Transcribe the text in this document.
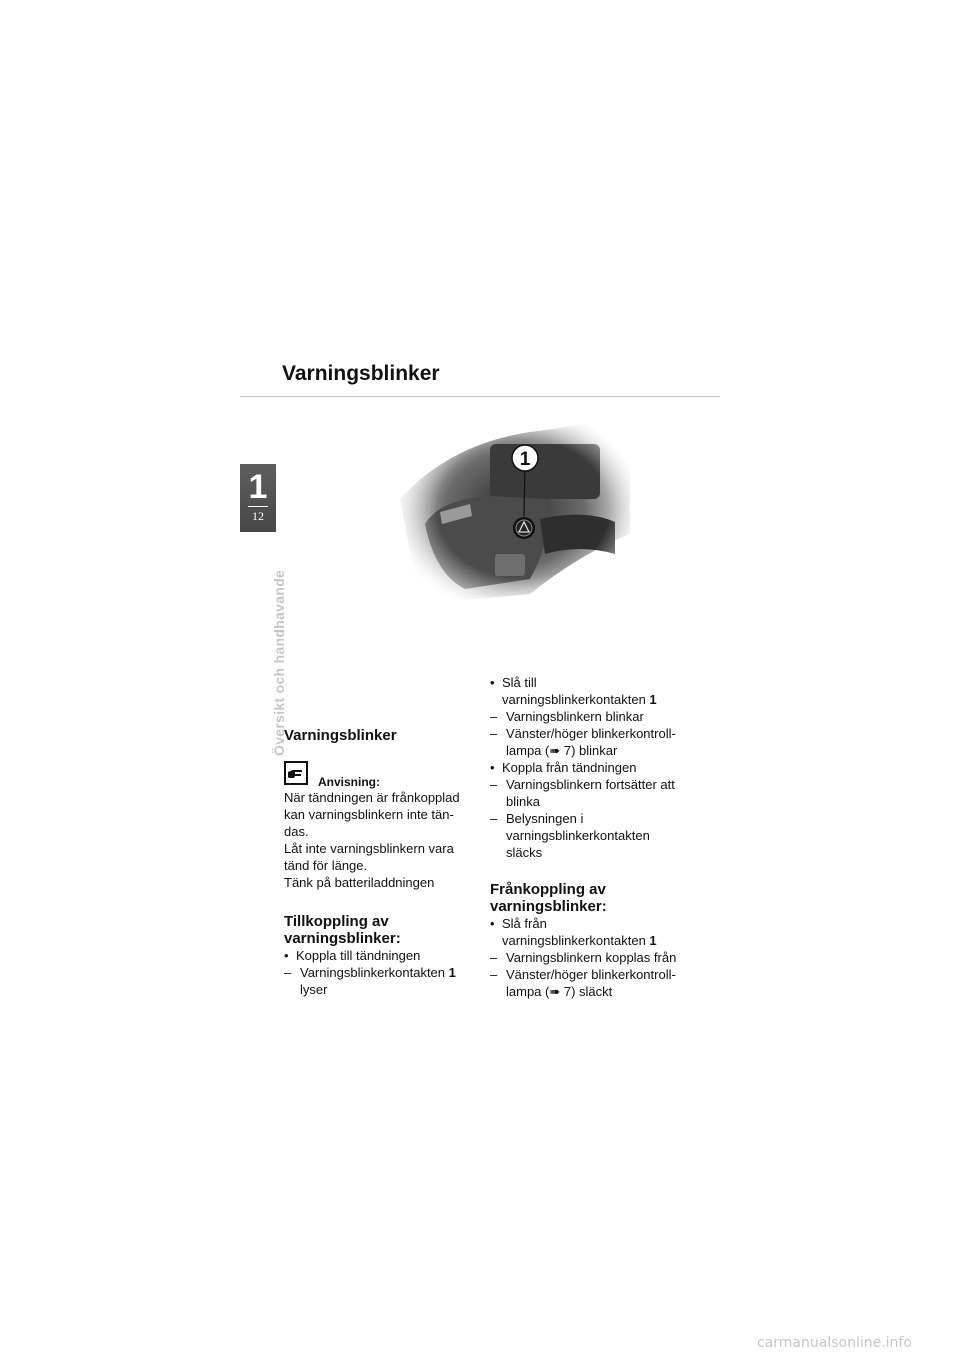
Varningsblinker
1
12
Översikt och handhavande
Varningsblinker
Anvisning:

När tändningen är frånkopplad

kan varningsblinkern inte tän-

das.

Låt inte varningsblinkern vara

tänd för länge.

Tänk på batteriladdningen

Tillkoppling av
varningsblinker:
• Koppla till tändningen
– Varningsblinkerkontakten 1
lyser
• Slå till
varningsblinkerkontakten 1
– Varningsblinkern blinkar
– Vänster/höger blinkerkontroll-
lampa (➠ 7) blinkar
• Koppla från tändningen
– Varningsblinkern fortsätter att
blinka
– Belysningen i
varningsblinkerkontakten
släcks
Frånkoppling av
varningsblinker:
• Slå från
varningsblinkerkontakten 1
– Varningsblinkern kopplas från
– Vänster/höger blinkerkontroll-
lampa (➠ 7) släckt
carmanualsonline.info
